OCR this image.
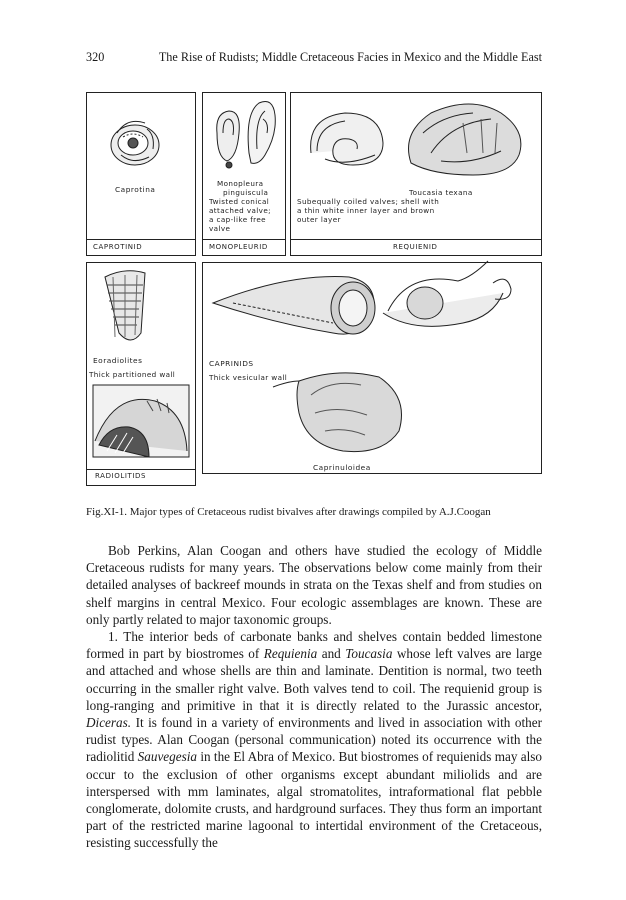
320	The Rise of Rudists; Middle Cretaceous Facies in Mexico and the Middle East
Caprotina
CAPROTINID
Monopleura
pinguiscula
Twisted conical
attached valve;
a cap-like free
valve
MONOPLEURID
Toucasia texana
Subequally coiled valves; shell with
a thin white inner layer and brown
outer layer
REQUIENID
Eoradiolites
Thick partitioned wall
RADIOLITIDS
CAPRINIDS
Thick vesicular wall
Caprinuloidea
Fig.XI-1. Major types of Cretaceous rudist bivalves after drawings compiled by A.J.Coogan

Bob Perkins, Alan Coogan and others have studied the ecology of Middle Cretaceous rudists for many years. The observations below come mainly from their detailed analyses of backreef mounds in strata on the Texas shelf and from studies on shelf margins in central Mexico. Four ecologic assemblages are known. These are only partly related to major taxonomic groups.

1. The interior beds of carbonate banks and shelves contain bedded limestone formed in part by biostromes of Requienia and Toucasia whose left valves are large and attached and whose shells are thin and laminate. Dentition is normal, two teeth occurring in the smaller right valve. Both valves tend to coil. The requienid group is long-ranging and primitive in that it is directly related to the Jurassic ancestor, Diceras. It is found in a variety of environments and lived in association with other rudist types. Alan Coogan (personal communication) noted its occurrence with the radiolitid Sauvegesia in the El Abra of Mexico. But biostromes of requienids may also occur to the exclusion of other organisms except abundant miliolids and are interspersed with mm laminates, algal stromatolites, intraformational flat pebble conglomerate, dolomite crusts, and hardground surfaces. They thus form an important part of the restricted marine lagoonal to intertidal environment of the Cretaceous, resisting successfully the
